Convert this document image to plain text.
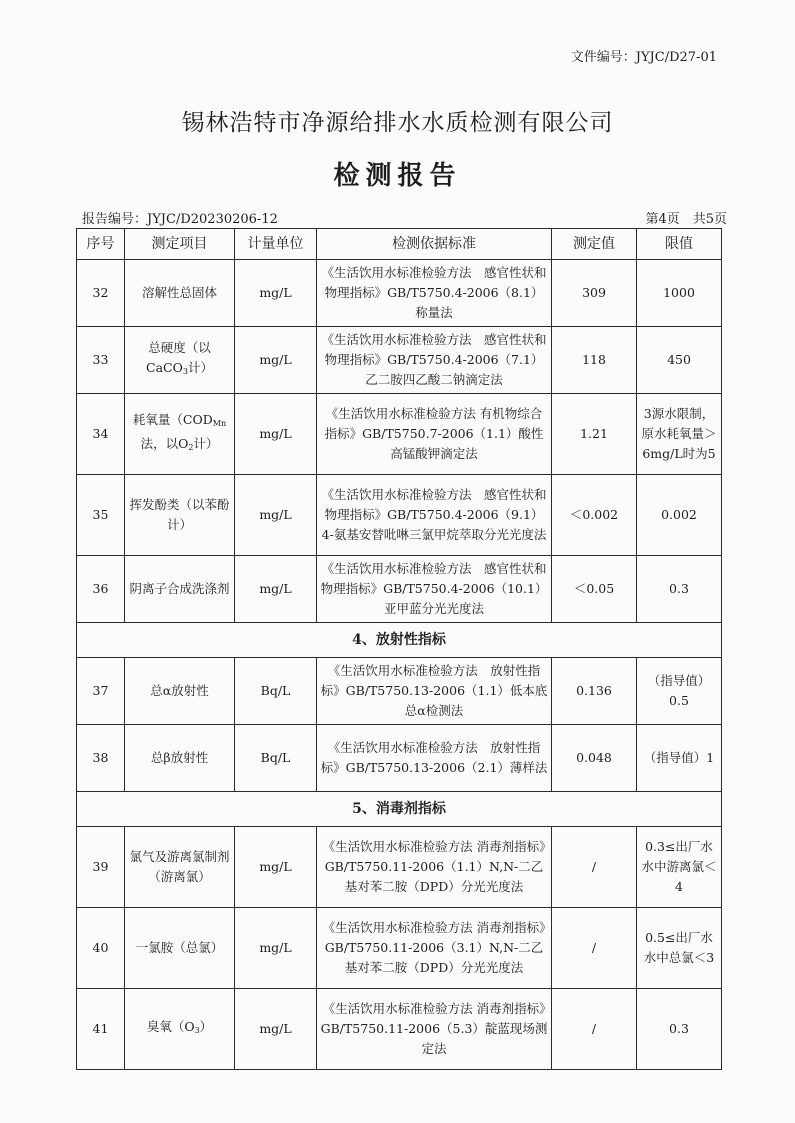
文件编号：JYJC/D27-01
锡林浩特市净源给排水水质检测有限公司
检测报告
报告编号：JYJC/D20230206-12	第4页　共5页
序号	测定项目	计量单位	检测依据标准	测定值	限值
32	溶解性总固体	mg/L	《生活饮用水标准检验方法　感官性状和物理指标》GB/T5750.4-2006（8.1）称量法	309	1000
33	总硬度（以CaCO$_3$计）	mg/L	《生活饮用水标准检验方法　感官性状和物理指标》GB/T5750.4-2006（7.1）乙二胺四乙酸二钠滴定法	118	450
34	耗氧量（$COD_{Mn}$法，以$O_2$计）	mg/L	《生活饮用水标准检验方法 有机物综合指标》GB/T5750.7-2006（1.1）酸性高锰酸钾滴定法	1.21	3源水限制，原水耗氧量＞6mg/L时为5
35	挥发酚类（以苯酚计）	mg/L	《生活饮用水标准检验方法　感官性状和物理指标》GB/T5750.4-2006（9.1）4-氨基安替吡啉三氯甲烷萃取分光光度法	＜0.002	0.002
36	阴离子合成洗涤剂	mg/L	《生活饮用水标准检验方法　感官性状和物理指标》GB/T5750.4-2006（10.1）亚甲蓝分光光度法	＜0.05	0.3
4、放射性指标					
37	总α放射性	Bq/L	《生活饮用水标准检验方法　放射性指标》GB/T5750.13-2006（1.1）低本底总α检测法	0.136	（指导值）0.5
38	总β放射性	Bq/L	《生活饮用水标准检验方法　放射性指标》GB/T5750.13-2006（2.1）薄样法	0.048	（指导值）1
5、消毒剂指标					
39	氯气及游离氯制剂（游离氯）	mg/L	《生活饮用水标准检验方法 消毒剂指标》GB/T5750.11-2006（1.1）N,N-二乙基对苯二胺（DPD）分光光度法	/	0.3≤出厂水水中游离氯＜4
40	一氯胺（总氯）	mg/L	《生活饮用水标准检验方法 消毒剂指标》GB/T5750.11-2006（3.1）N,N-二乙基对苯二胺（DPD）分光光度法	/	0.5≤出厂水水中总氯＜3
41	臭氧$(O_3)$	mg/L	《生活饮用水标准检验方法 消毒剂指标》GB/T5750.11-2006（5.3）靛蓝现场测定法	/	0.3
